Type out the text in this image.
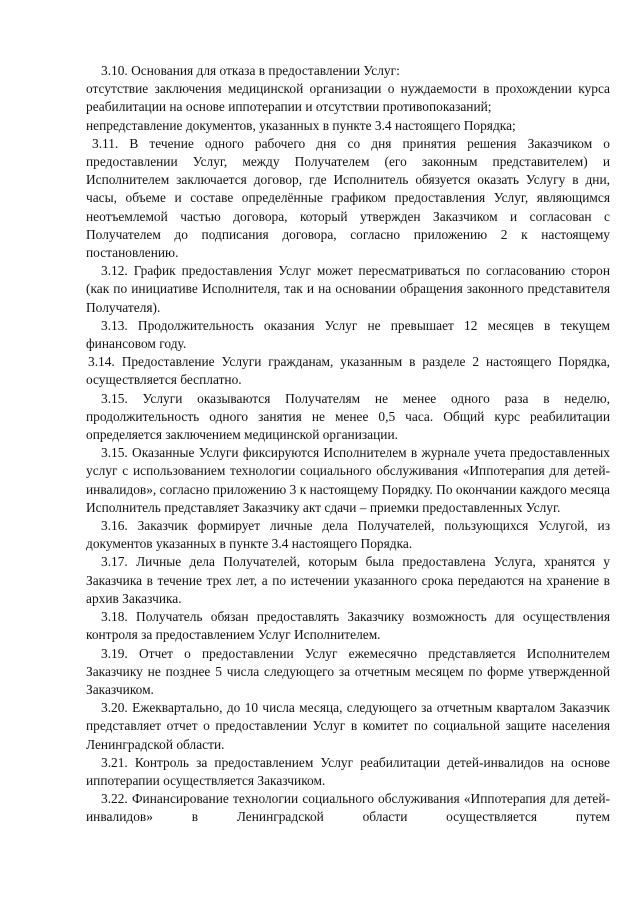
3.10. Основания для отказа в предоставлении Услуг:

отсутствие заключения медицинской организации о нуждаемости в прохождении курса реабилитации на основе иппотерапии и отсутствии противопоказаний;

непредставление документов, указанных в пункте 3.4 настоящего Порядка;

3.11. В течение одного рабочего дня со дня принятия решения Заказчиком о предоставлении Услуг, между Получателем (его законным представителем) и Исполнителем заключается договор, где Исполнитель обязуется оказать Услугу в дни, часы, объеме и составе определённые графиком предоставления Услуг, являющимся неотъемлемой частью договора, который утвержден Заказчиком и согласован с Получателем до подписания договора, согласно приложению 2 к настоящему постановлению.

3.12. График предоставления Услуг может пересматриваться по согласованию сторон (как по инициативе Исполнителя, так и на основании обращения законного представителя Получателя).

3.13. Продолжительность оказания Услуг не превышает 12 месяцев в текущем финансовом году.

3.14. Предоставление Услуги гражданам, указанным в разделе 2 настоящего Порядка, осуществляется бесплатно.

3.15. Услуги оказываются Получателям не менее одного раза в неделю, продолжительность одного занятия не менее 0,5 часа. Общий курс реабилитации определяется заключением медицинской организации.

3.15. Оказанные Услуги фиксируются Исполнителем в журнале учета предоставленных услуг с использованием технологии социального обслуживания «Иппотерапия для детей-инвалидов», согласно приложению 3 к настоящему Порядку. По окончании каждого месяца Исполнитель представляет Заказчику акт сдачи – приемки предоставленных Услуг.

3.16. Заказчик формирует личные дела Получателей, пользующихся Услугой, из документов указанных в пункте 3.4 настоящего Порядка.

3.17. Личные дела Получателей, которым была предоставлена Услуга, хранятся у Заказчика в течение трех лет, а по истечении указанного срока передаются на хранение в архив Заказчика.

3.18. Получатель обязан предоставлять Заказчику возможность для осуществления контроля за предоставлением Услуг Исполнителем.

3.19. Отчет о предоставлении Услуг ежемесячно представляется Исполнителем Заказчику не позднее 5 числа следующего за отчетным месяцем по форме утвержденной Заказчиком.

3.20. Ежеквартально, до 10 числа месяца, следующего за отчетным кварталом Заказчик представляет отчет о предоставлении Услуг в комитет по социальной защите населения Ленинградской области.

3.21. Контроль за предоставлением Услуг реабилитации детей-инвалидов на основе иппотерапии осуществляется Заказчиком.

3.22. Финансирование технологии социального обслуживания «Иппотерапия для детей-инвалидов» в Ленинградской области осуществляется путем
